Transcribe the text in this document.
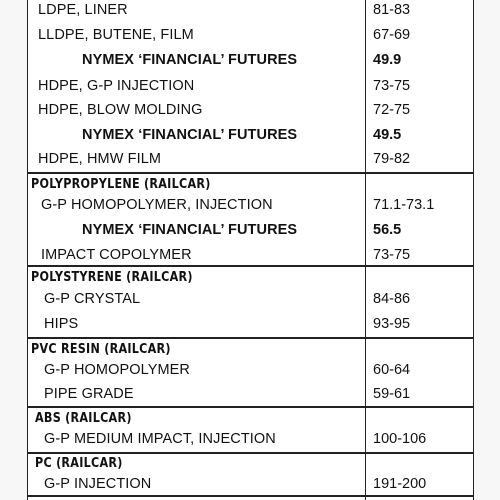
LDPE, LINER	81-83
LLDPE, BUTENE, FILM	67-69
NYMEX ‘FINANCIAL’ FUTURES	49.9
HDPE, G-P INJECTION	73-75
HDPE, BLOW MOLDING	72-75
NYMEX ‘FINANCIAL’ FUTURES	49.5
HDPE, HMW FILM	79-82
POLYPROPYLENE (RAILCAR)
G-P HOMOPOLYMER, INJECTION	71.1-73.1
NYMEX ‘FINANCIAL’ FUTURES	56.5
IMPACT COPOLYMER	73-75
POLYSTYRENE (RAILCAR)
G-P CRYSTAL	84-86
HIPS	93-95
PVC RESIN (RAILCAR)
G-P HOMOPOLYMER	60-64
PIPE GRADE	59-61
ABS (RAILCAR)
G-P MEDIUM IMPACT, INJECTION	100-106
PC (RAILCAR)
G-P INJECTION	191-200
